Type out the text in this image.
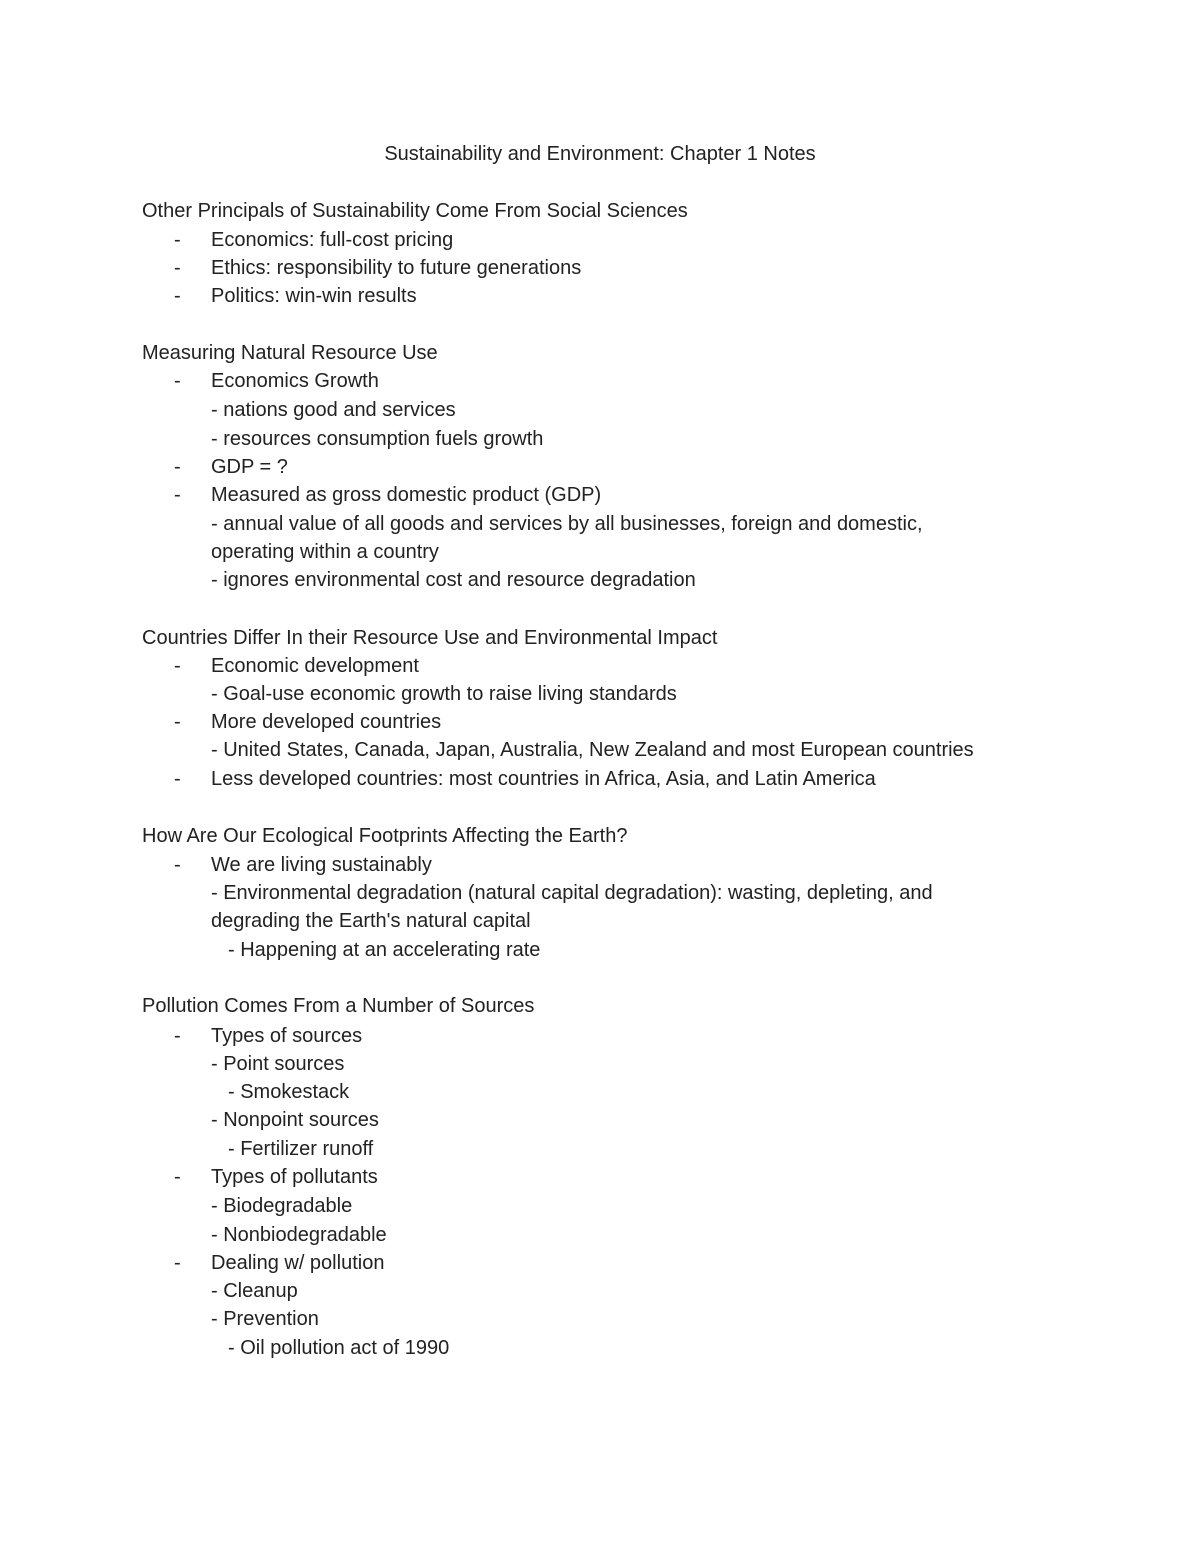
Sustainability and Environment: Chapter 1 Notes
Other Principals of Sustainability Come From Social Sciences
- Economics: full-cost pricing
- Ethics: responsibility to future generations
- Politics: win-win results
Measuring Natural Resource Use
- Economics Growth
- nations good and services
- resources consumption fuels growth
- GDP = ?
- Measured as gross domestic product (GDP)
- annual value of all goods and services by all businesses, foreign and domestic,
operating within a country
- ignores environmental cost and resource degradation
Countries Differ In their Resource Use and Environmental Impact
- Economic development
- Goal-use economic growth to raise living standards
- More developed countries
- United States, Canada, Japan, Australia, New Zealand and most European countries
- Less developed countries: most countries in Africa, Asia, and Latin America
How Are Our Ecological Footprints Affecting the Earth?
- We are living sustainably
- Environmental degradation (natural capital degradation): wasting, depleting, and
degrading the Earth's natural capital
- Happening at an accelerating rate
Pollution Comes From a Number of Sources
- Types of sources
- Point sources
- Smokestack
- Nonpoint sources
- Fertilizer runoff
- Types of pollutants
- Biodegradable
- Nonbiodegradable
- Dealing w/ pollution
- Cleanup
- Prevention
- Oil pollution act of 1990
